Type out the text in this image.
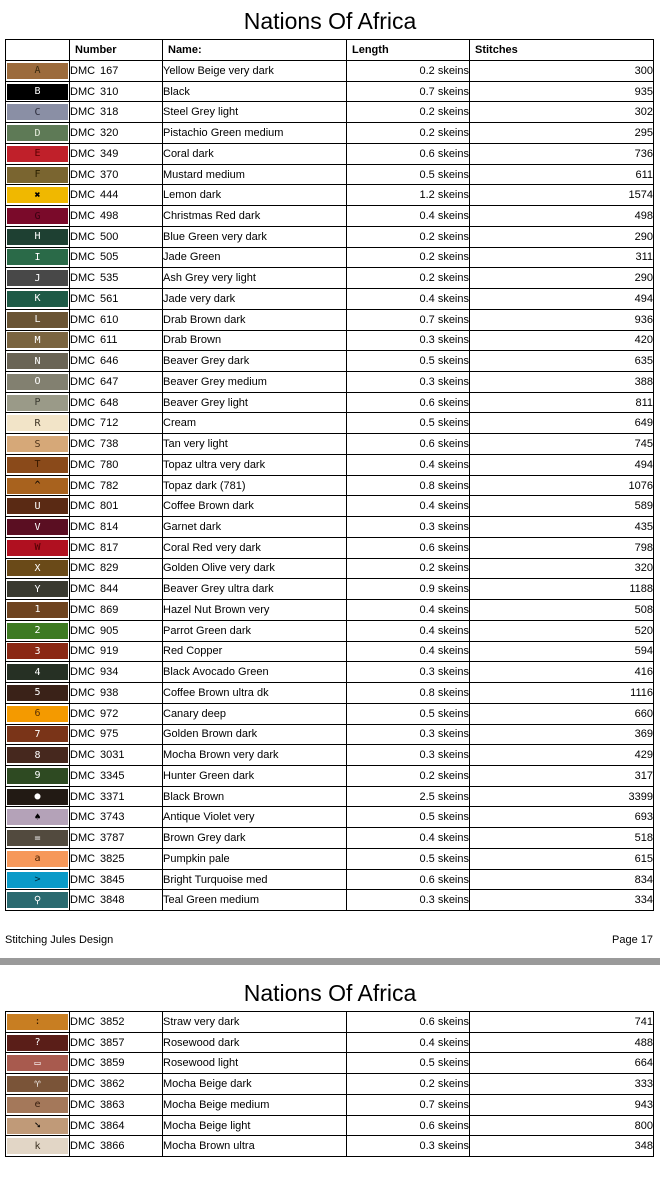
Nations Of Africa
	Number	Name:	Length	Stitches

A	DMC 167	Yellow Beige very dark	0.2 skeins	300

B	DMC 310	Black	0.7 skeins	935

C	DMC 318	Steel Grey light	0.2 skeins	302

D	DMC 320	Pistachio Green medium	0.2 skeins	295

E	DMC 349	Coral dark	0.6 skeins	736

F	DMC 370	Mustard medium	0.5 skeins	611

✖	DMC 444	Lemon dark	1.2 skeins	1574

G	DMC 498	Christmas Red dark	0.4 skeins	498

H	DMC 500	Blue Green very dark	0.2 skeins	290

I	DMC 505	Jade Green	0.2 skeins	311

J	DMC 535	Ash Grey very light	0.2 skeins	290

K	DMC 561	Jade very dark	0.4 skeins	494

L	DMC 610	Drab Brown dark	0.7 skeins	936

M	DMC 611	Drab Brown	0.3 skeins	420

N	DMC 646	Beaver Grey dark	0.5 skeins	635

O	DMC 647	Beaver Grey medium	0.3 skeins	388

P	DMC 648	Beaver Grey light	0.6 skeins	811

R	DMC 712	Cream	0.5 skeins	649

S	DMC 738	Tan very light	0.6 skeins	745

T	DMC 780	Topaz ultra very dark	0.4 skeins	494

^	DMC 782	Topaz dark (781)	0.8 skeins	1076

U	DMC 801	Coffee Brown dark	0.4 skeins	589

V	DMC 814	Garnet dark	0.3 skeins	435

W	DMC 817	Coral Red very dark	0.6 skeins	798

X	DMC 829	Golden Olive very dark	0.2 skeins	320

Y	DMC 844	Beaver Grey ultra dark	0.9 skeins	1188

1	DMC 869	Hazel Nut Brown very	0.4 skeins	508

2	DMC 905	Parrot Green dark	0.4 skeins	520

3	DMC 919	Red Copper	0.4 skeins	594

4	DMC 934	Black Avocado Green	0.3 skeins	416

5	DMC 938	Coffee Brown ultra dk	0.8 skeins	1116

6	DMC 972	Canary deep	0.5 skeins	660

7	DMC 975	Golden Brown dark	0.3 skeins	369

8	DMC 3031	Mocha Brown very dark	0.3 skeins	429

9	DMC 3345	Hunter Green dark	0.2 skeins	317

●	DMC 3371	Black Brown	2.5 skeins	3399

♠	DMC 3743	Antique Violet very	0.5 skeins	693

=	DMC 3787	Brown Grey dark	0.4 skeins	518

a	DMC 3825	Pumpkin pale	0.5 skeins	615

>	DMC 3845	Bright Turquoise med	0.6 skeins	834

⚲	DMC 3848	Teal Green medium	0.3 skeins	334
Stitching Jules Design	Page 17
Nations Of Africa
:	DMC 3852	Straw very dark	0.6 skeins	741

?	DMC 3857	Rosewood dark	0.4 skeins	488

▭	DMC 3859	Rosewood light	0.5 skeins	664

♈	DMC 3862	Mocha Beige dark	0.2 skeins	333

e	DMC 3863	Mocha Beige medium	0.7 skeins	943

➘	DMC 3864	Mocha Beige light	0.6 skeins	800

k	DMC 3866	Mocha Brown ultra	0.3 skeins	348
